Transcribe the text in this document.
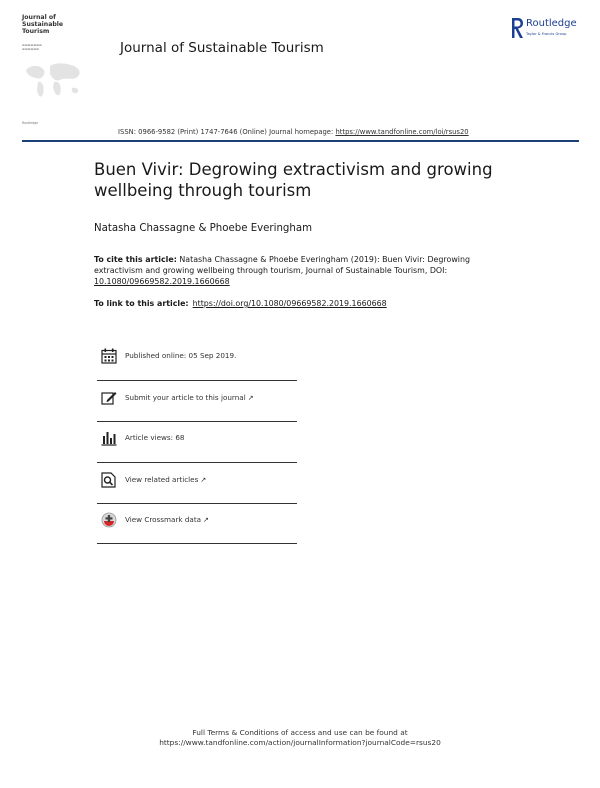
Journal of
Sustainable
Tourism
▬▬▬▬▬▬▬
▬▬▬▬▬▬
Routledge
Journal of Sustainable Tourism
Routledge
Taylor & Francis Group
ISSN: 0966-9582 (Print) 1747-7646 (Online) Journal homepage: https://www.tandfonline.com/loi/rsus20
Buen Vivir: Degrowing extractivism and growing wellbeing through tourism
Natasha Chassagne & Phoebe Everingham
To cite this article: Natasha Chassagne & Phoebe Everingham (2019): Buen Vivir: Degrowing extractivism and growing wellbeing through tourism, Journal of Sustainable Tourism, DOI: 10.1080/09669582.2019.1660668
To link to this article: https://doi.org/10.1080/09669582.2019.1660668
Published online: 05 Sep 2019.
Submit your article to this journal ↗
Article views: 68
View related articles ↗
View Crossmark data ↗
Full Terms & Conditions of access and use can be found at
https://www.tandfonline.com/action/journalInformation?journalCode=rsus20
